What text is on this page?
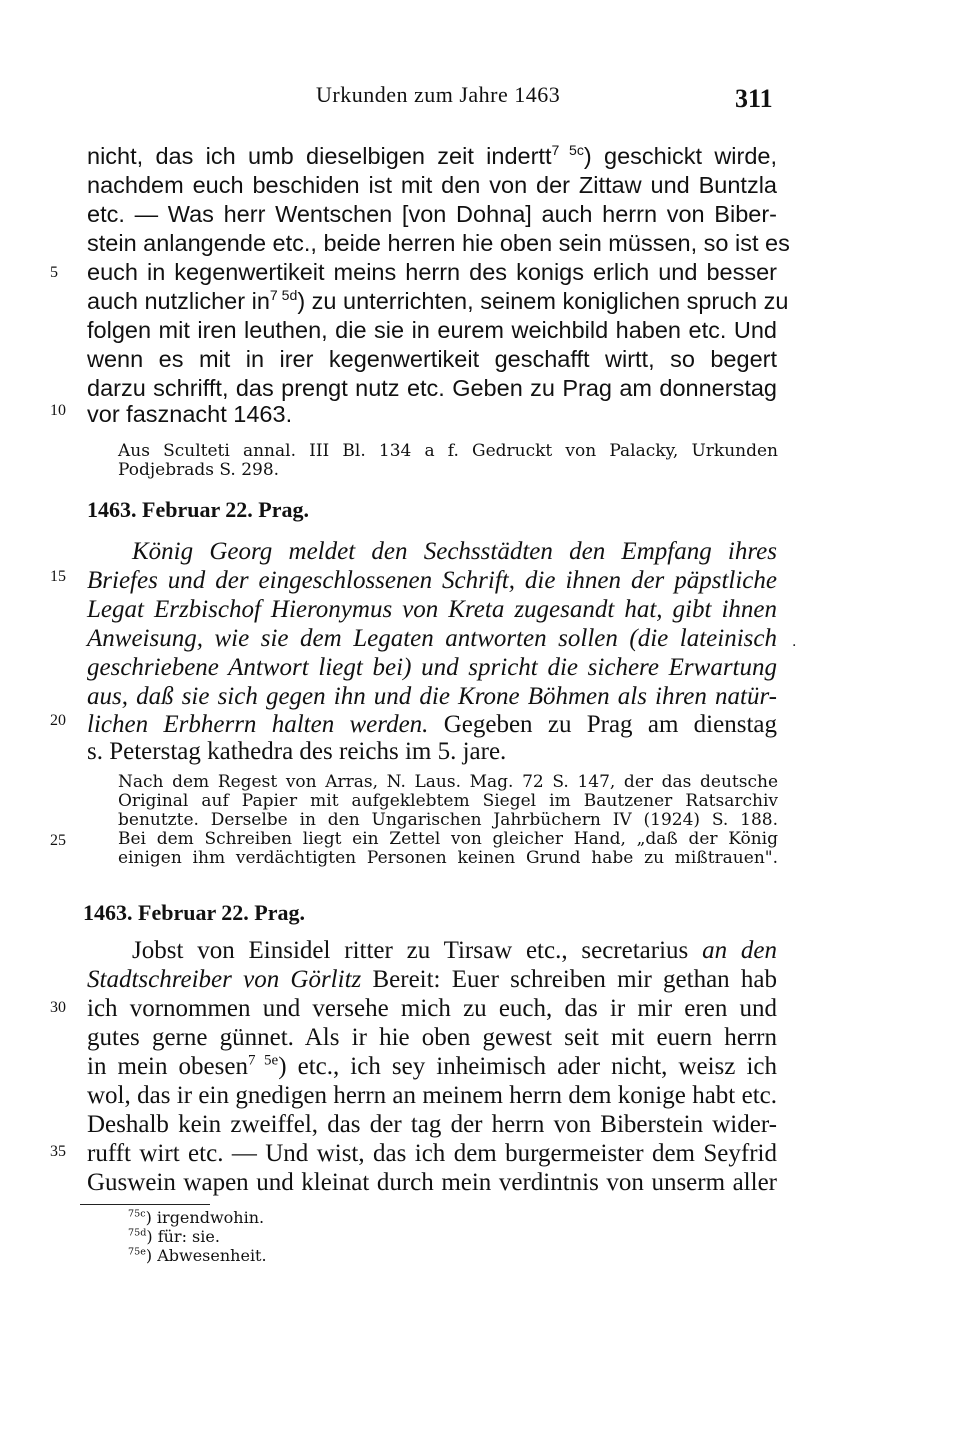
Urkunden zum Jahre 1463	311
5
10
15
20
25
30
35
nicht, das ich umb dieselbigen zeit indertt$^{7 5c}$) geschickt wirde,
nachdem euch beschiden ist mit den von der Zittaw und Buntzla
etc. — Was herr Wentschen [von Dohna] auch herrn von Biber-
stein anlangende etc., beide herren hie oben sein müssen, so ist es
euch in kegenwertikeit meins herrn des konigs erlich und besser
auch nutzlicher $in^{7 5d}$) zu unterrichten, seinem koniglichen spruch zu
folgen mit iren leuthen, die sie in eurem weichbild haben etc. Und
wenn es mit in irer kegenwertikeit geschafft wirtt, so begert
darzu schrifft, das prengt nutz etc. Geben zu Prag am donnerstag
vor fasznacht 1463.
Aus Sculteti annal. III Bl. 134 a f. Gedruckt von Palacky, Urkunden
Podjebrads S. 298.
1463. Februar 22. Prag.
König Georg meldet den Sechsstädten den Empfang ihres
Briefes und der eingeschlossenen Schrift, die ihnen der päpstliche
Legat Erzbischof Hieronymus von Kreta zugesandt hat, gibt ihnen
Anweisung, wie sie dem Legaten antworten sollen (die lateinisch
geschriebene Antwort liegt bei) und spricht die sichere Erwartung
aus, daß sie sich gegen ihn und die Krone Böhmen als ihren natür-
lichen Erbherrn halten werden. Gegeben zu Prag am dienstag
s. Peterstag kathedra des reichs im 5. jare.
·
Nach dem Regest von Arras, N. Laus. Mag. 72 S. 147, der das deutsche
Original auf Papier mit aufgeklebtem Siegel im Bautzener Ratsarchiv
benutzte. Derselbe in den Ungarischen Jahrbüchern IV (1924) S. 188.
Bei dem Schreiben liegt ein Zettel von gleicher Hand, „daß der König
einigen ihm verdächtigten Personen keinen Grund habe zu mißtrauen".
1463. Februar 22. Prag.
Jobst von Einsidel ritter zu Tirsaw etc., secretarius an den
Stadtschreiber von Görlitz Bereit: Euer schreiben mir gethan hab
ich vornommen und versehe mich zu euch, das ir mir eren und
gutes gerne günnet. Als ir hie oben gewest seit mit euern herrn
in mein obesen$^{7 5e}$) etc., ich sey inheimisch ader nicht, weisz ich
wol, das ir ein gnedigen herrn an meinem herrn dem konige habt etc.
Deshalb kein zweiffel, das der tag der herrn von Biberstein wider-
rufft wirt etc. — Und wist, das ich dem burgermeister dem Seyfrid
Guswein wapen und kleinat durch mein verdintnis von unserm aller
$^{75c}$) irgendwohin.
$^{75d}$) für: sie.
$^{75e}$) Abwesenheit.
